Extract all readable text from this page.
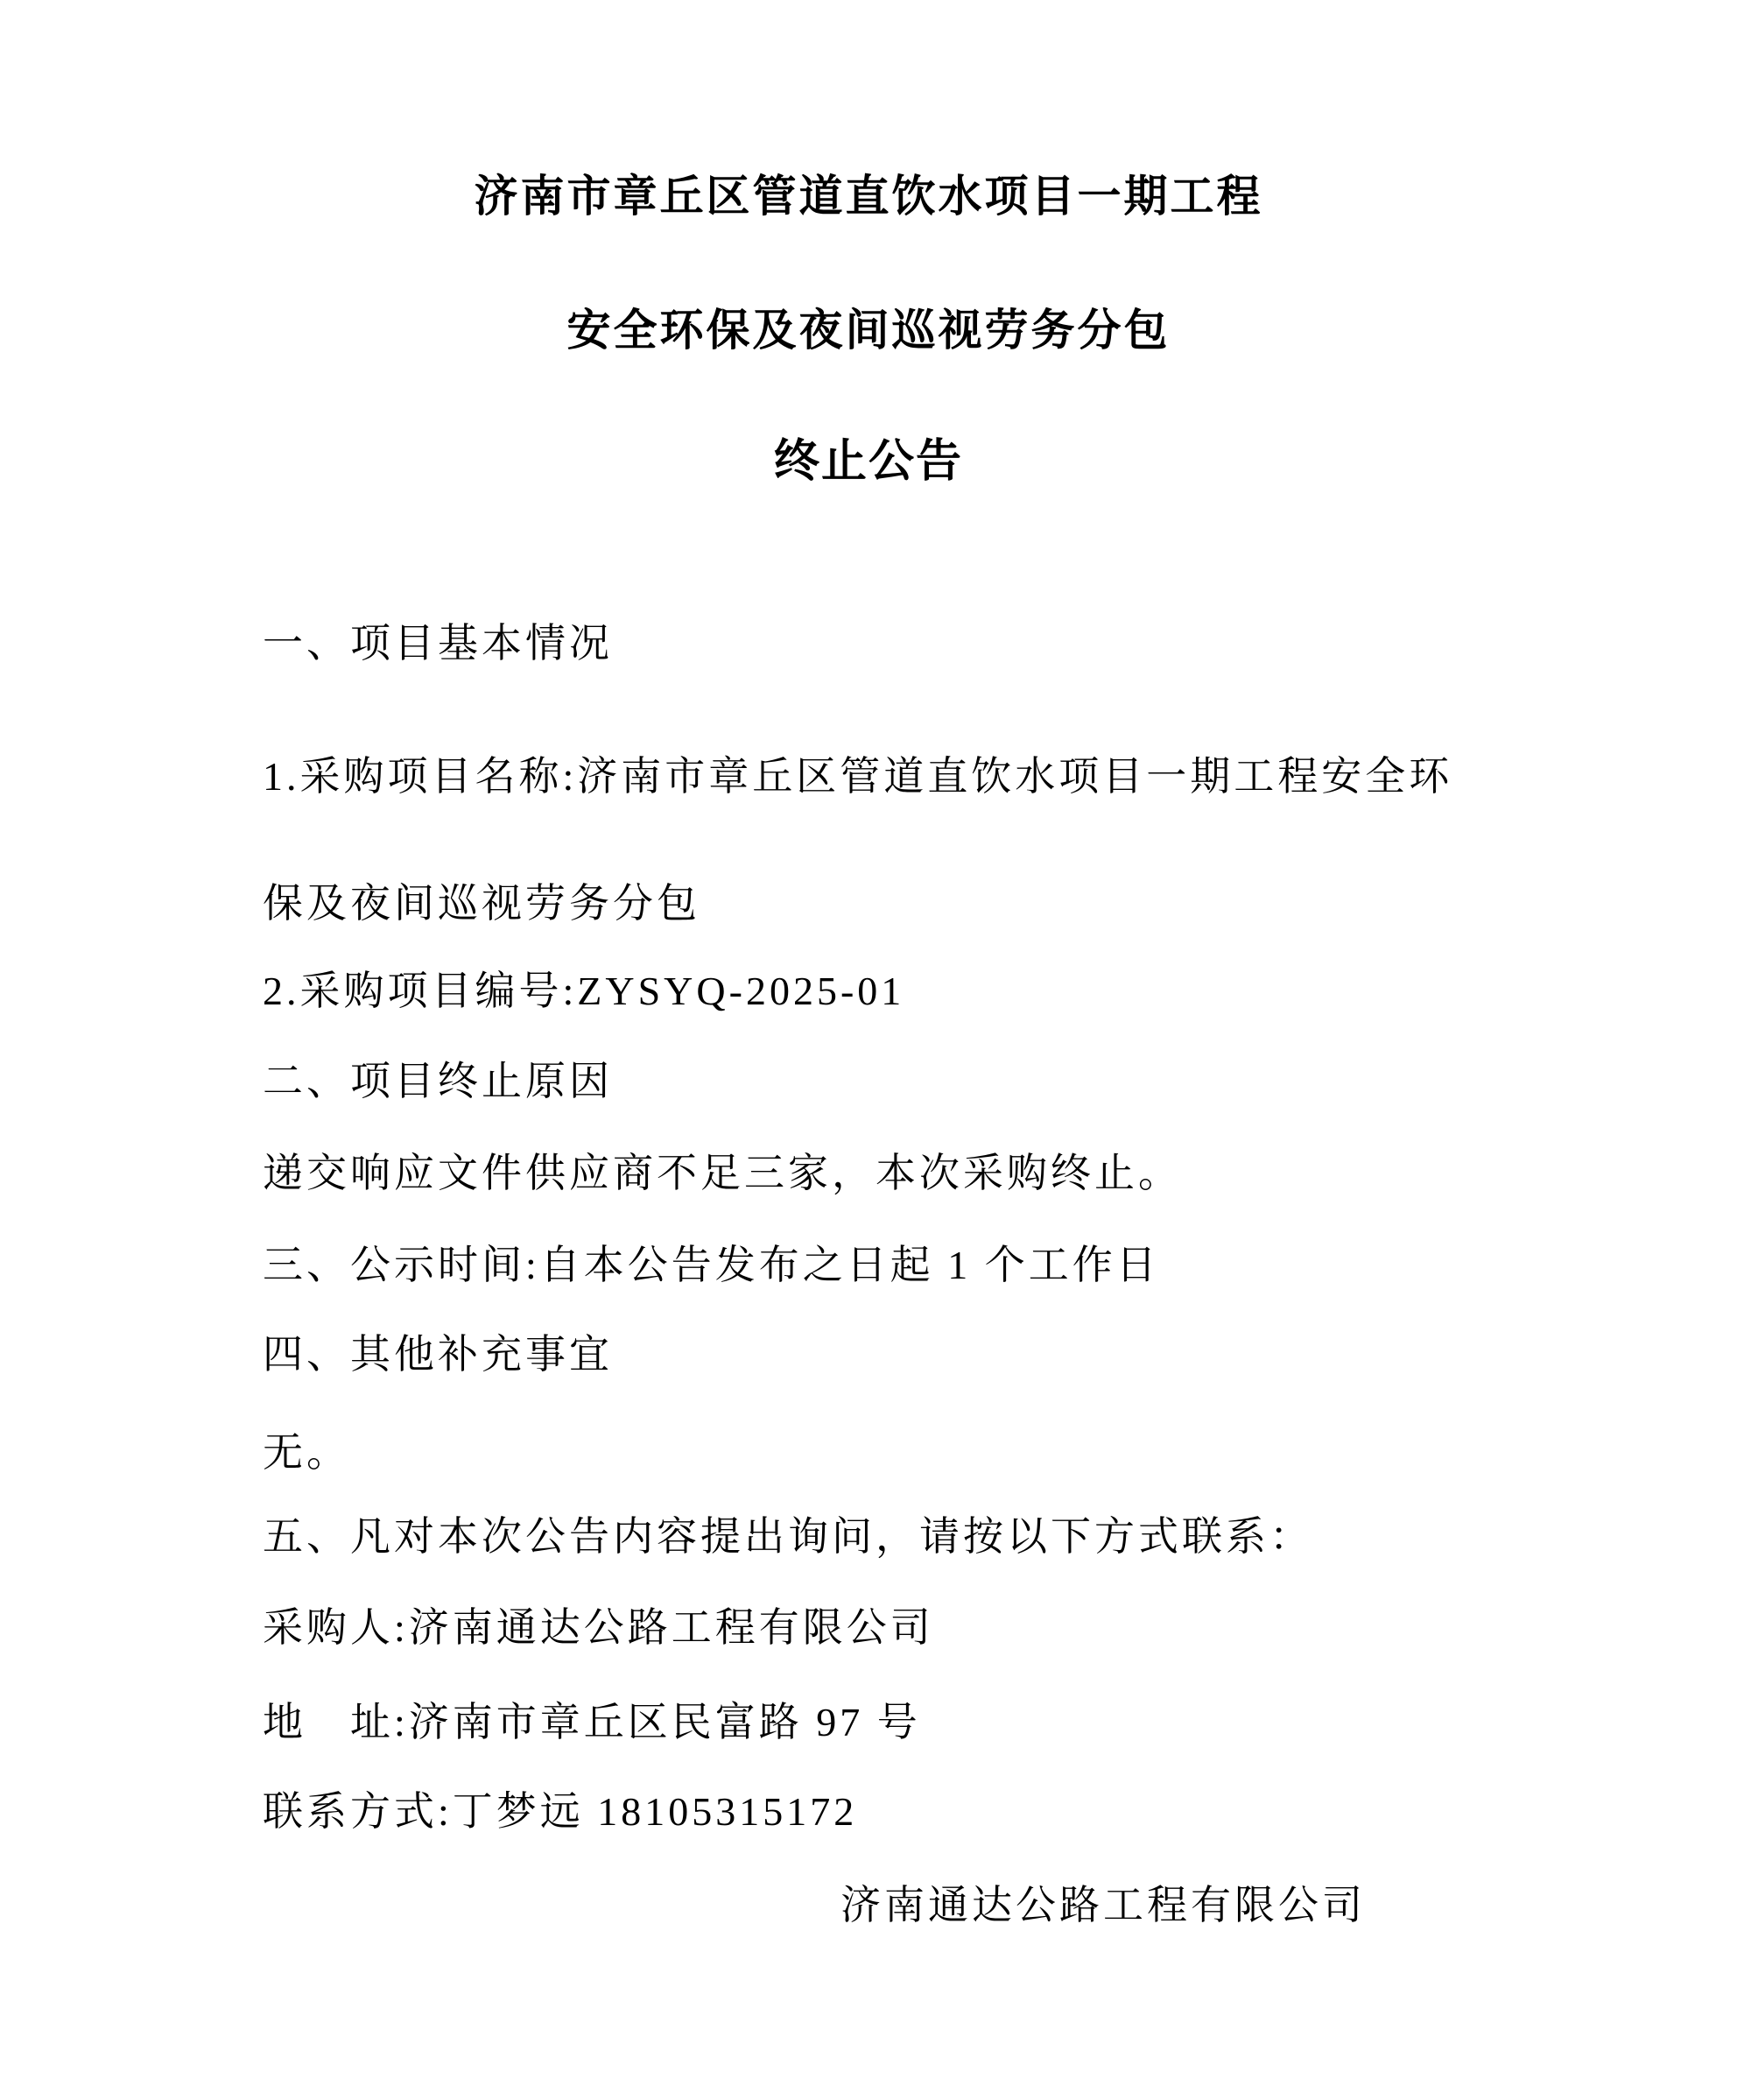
济南市章丘区管道直饮水项目一期工程
安全环保及夜间巡视劳务分包
终止公告
一、项目基本情况
1.采购项目名称:济南市章丘区管道直饮水项目一期工程安全环
保及夜间巡视劳务分包
2.采购项目编号:ZYSYQ-2025-01
二、项目终止原因
递交响应文件供应商不足三家，本次采购终止。
三、公示时间:自本公告发布之日起 1 个工作日
四、其他补充事宜
无。
五、凡对本次公告内容提出询问，请按以下方式联系：
采购人:济南通达公路工程有限公司
地　址:济南市章丘区民富路 97 号
联系方式:丁梦远 18105315172
济南通达公路工程有限公司
